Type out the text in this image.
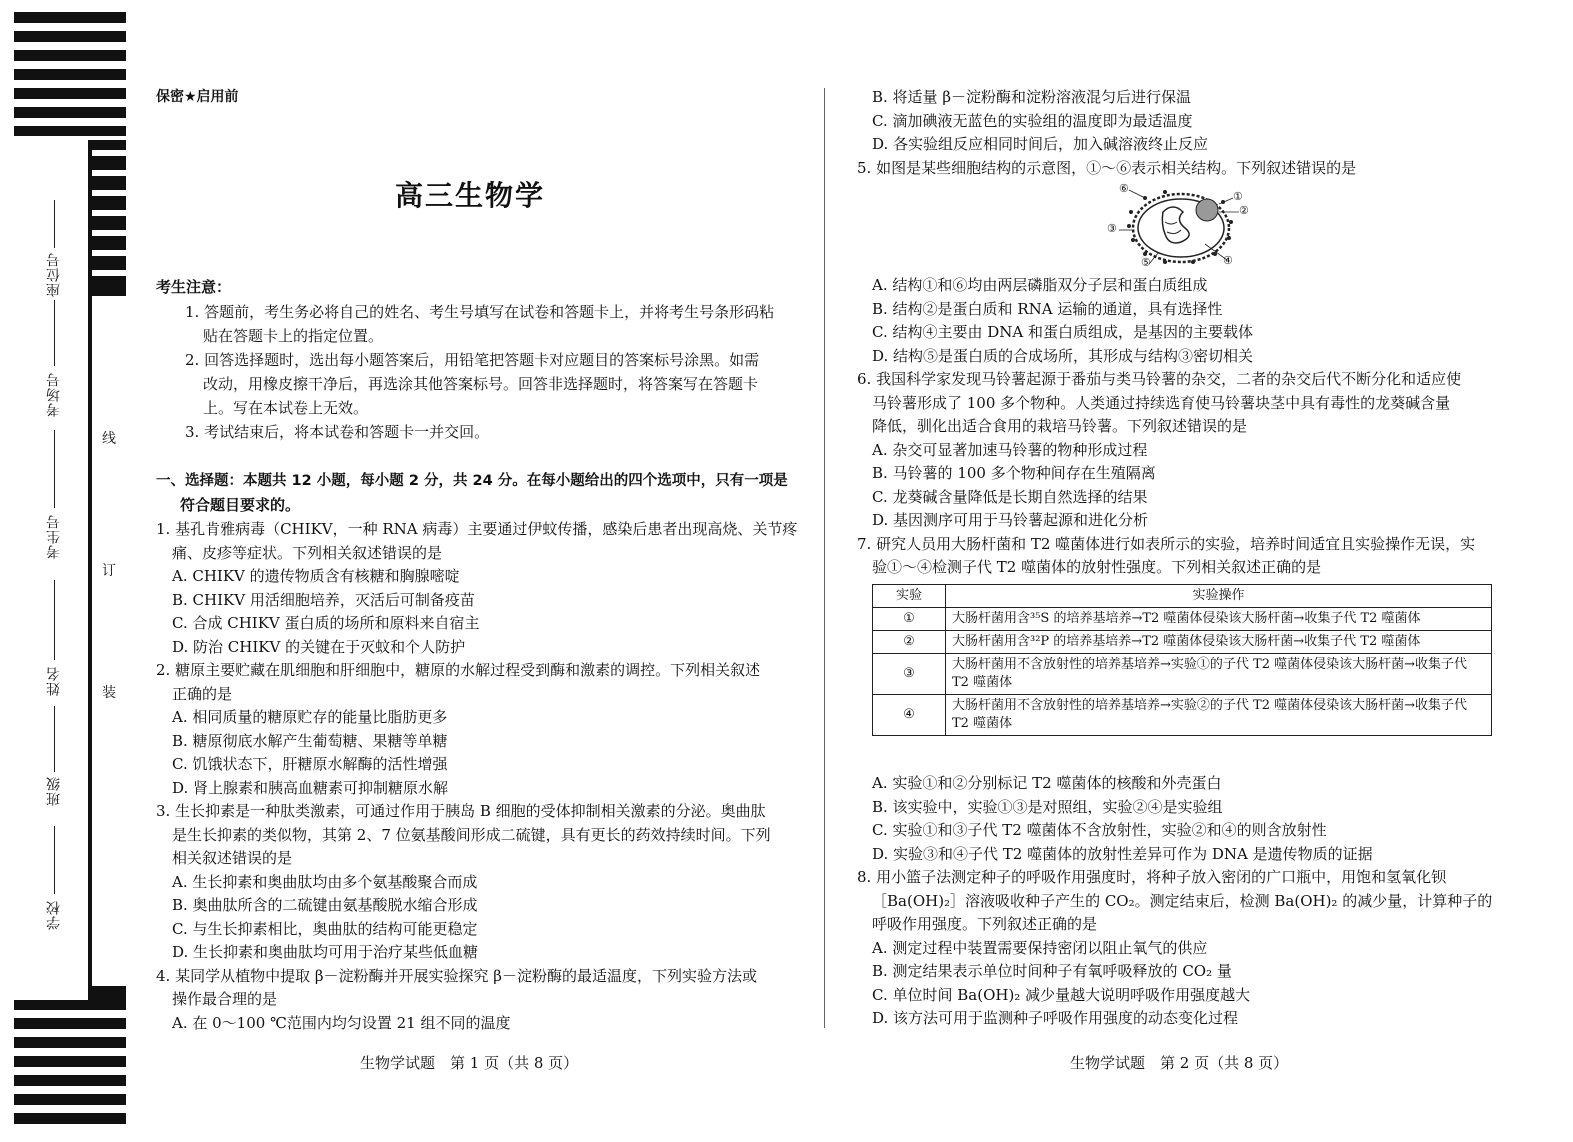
座位号
考场号
考生号
姓名
班级
学校
线
订
装
保密★启用前
高三生物学
考生注意：
1. 答题前，考生务必将自己的姓名、考生号填写在试卷和答题卡上，并将考生号条形码粘
贴在答题卡上的指定位置。
2. 回答选择题时，选出每小题答案后，用铅笔把答题卡对应题目的答案标号涂黑。如需
改动，用橡皮擦干净后，再选涂其他答案标号。回答非选择题时，将答案写在答题卡
上。写在本试卷上无效。
3. 考试结束后，将本试卷和答题卡一并交回。
一、选择题：本题共 12 小题，每小题 2 分，共 24 分。在每小题给出的四个选项中，只有一项是
符合题目要求的。
1. 基孔肯雅病毒（CHIKV，一种 RNA 病毒）主要通过伊蚊传播，感染后患者出现高烧、关节疼
痛、皮疹等症状。下列相关叙述错误的是
A. CHIKV 的遗传物质含有核糖和胸腺嘧啶
B. CHIKV 用活细胞培养，灭活后可制备疫苗
C. 合成 CHIKV 蛋白质的场所和原料来自宿主
D. 防治 CHIKV 的关键在于灭蚊和个人防护
2. 糖原主要贮藏在肌细胞和肝细胞中，糖原的水解过程受到酶和激素的调控。下列相关叙述
正确的是
A. 相同质量的糖原贮存的能量比脂肪更多
B. 糖原彻底水解产生葡萄糖、果糖等单糖
C. 饥饿状态下，肝糖原水解酶的活性增强
D. 肾上腺素和胰高血糖素可抑制糖原水解
3. 生长抑素是一种肽类激素，可通过作用于胰岛 B 细胞的受体抑制相关激素的分泌。奥曲肽
是生长抑素的类似物，其第 2、7 位氨基酸间形成二硫键，具有更长的药效持续时间。下列
相关叙述错误的是
A. 生长抑素和奥曲肽均由多个氨基酸聚合而成
B. 奥曲肽所含的二硫键由氨基酸脱水缩合形成
C. 与生长抑素相比，奥曲肽的结构可能更稳定
D. 生长抑素和奥曲肽均可用于治疗某些低血糖
4. 某同学从植物中提取 β－淀粉酶并开展实验探究 β－淀粉酶的最适温度，下列实验方法或
操作最合理的是
A. 在 0～100 ℃范围内均匀设置 21 组不同的温度
B. 将适量 β－淀粉酶和淀粉溶液混匀后进行保温
C. 滴加碘液无蓝色的实验组的温度即为最适温度
D. 各实验组反应相同时间后，加入碱溶液终止反应
5. 如图是某些细胞结构的示意图，①～⑥表示相关结构。下列叙述错误的是
⑥
①
②
③
④
⑤
A. 结构①和⑥均由两层磷脂双分子层和蛋白质组成
B. 结构②是蛋白质和 RNA 运输的通道，具有选择性
C. 结构④主要由 DNA 和蛋白质组成，是基因的主要载体
D. 结构⑤是蛋白质的合成场所，其形成与结构③密切相关
6. 我国科学家发现马铃薯起源于番茄与类马铃薯的杂交，二者的杂交后代不断分化和适应使
马铃薯形成了 100 多个物种。人类通过持续选育使马铃薯块茎中具有毒性的龙葵碱含量
降低，驯化出适合食用的栽培马铃薯。下列叙述错误的是
A. 杂交可显著加速马铃薯的物种形成过程
B. 马铃薯的 100 多个物种间存在生殖隔离
C. 龙葵碱含量降低是长期自然选择的结果
D. 基因测序可用于马铃薯起源和进化分析
7. 研究人员用大肠杆菌和 T2 噬菌体进行如表所示的实验，培养时间适宜且实验操作无误，实
验①～④检测子代 T2 噬菌体的放射性强度。下列相关叙述正确的是
实验	实验操作
①	大肠杆菌用含³⁵S 的培养基培养→T2 噬菌体侵染该大肠杆菌→收集子代 T2 噬菌体
②	大肠杆菌用含³²P 的培养基培养→T2 噬菌体侵染该大肠杆菌→收集子代 T2 噬菌体
③	大肠杆菌用不含放射性的培养基培养→实验①的子代 T2 噬菌体侵染该大肠杆菌→收集子代 T2 噬菌体
④	大肠杆菌用不含放射性的培养基培养→实验②的子代 T2 噬菌体侵染该大肠杆菌→收集子代 T2 噬菌体
A. 实验①和②分别标记 T2 噬菌体的核酸和外壳蛋白
B. 该实验中，实验①③是对照组，实验②④是实验组
C. 实验①和③子代 T2 噬菌体不含放射性，实验②和④的则含放射性
D. 实验③和④子代 T2 噬菌体的放射性差异可作为 DNA 是遗传物质的证据
8. 用小篮子法测定种子的呼吸作用强度时，将种子放入密闭的广口瓶中，用饱和氢氧化钡
［Ba(OH)₂］溶液吸收种子产生的 CO₂。测定结束后，检测 Ba(OH)₂ 的减少量，计算种子的
呼吸作用强度。下列叙述正确的是
A. 测定过程中装置需要保持密闭以阻止氧气的供应
B. 测定结果表示单位时间种子有氧呼吸释放的 CO₂ 量
C. 单位时间 Ba(OH)₂ 减少量越大说明呼吸作用强度越大
D. 该方法可用于监测种子呼吸作用强度的动态变化过程
生物学试题　第 1 页（共 8 页）	生物学试题　第 2 页（共 8 页）
